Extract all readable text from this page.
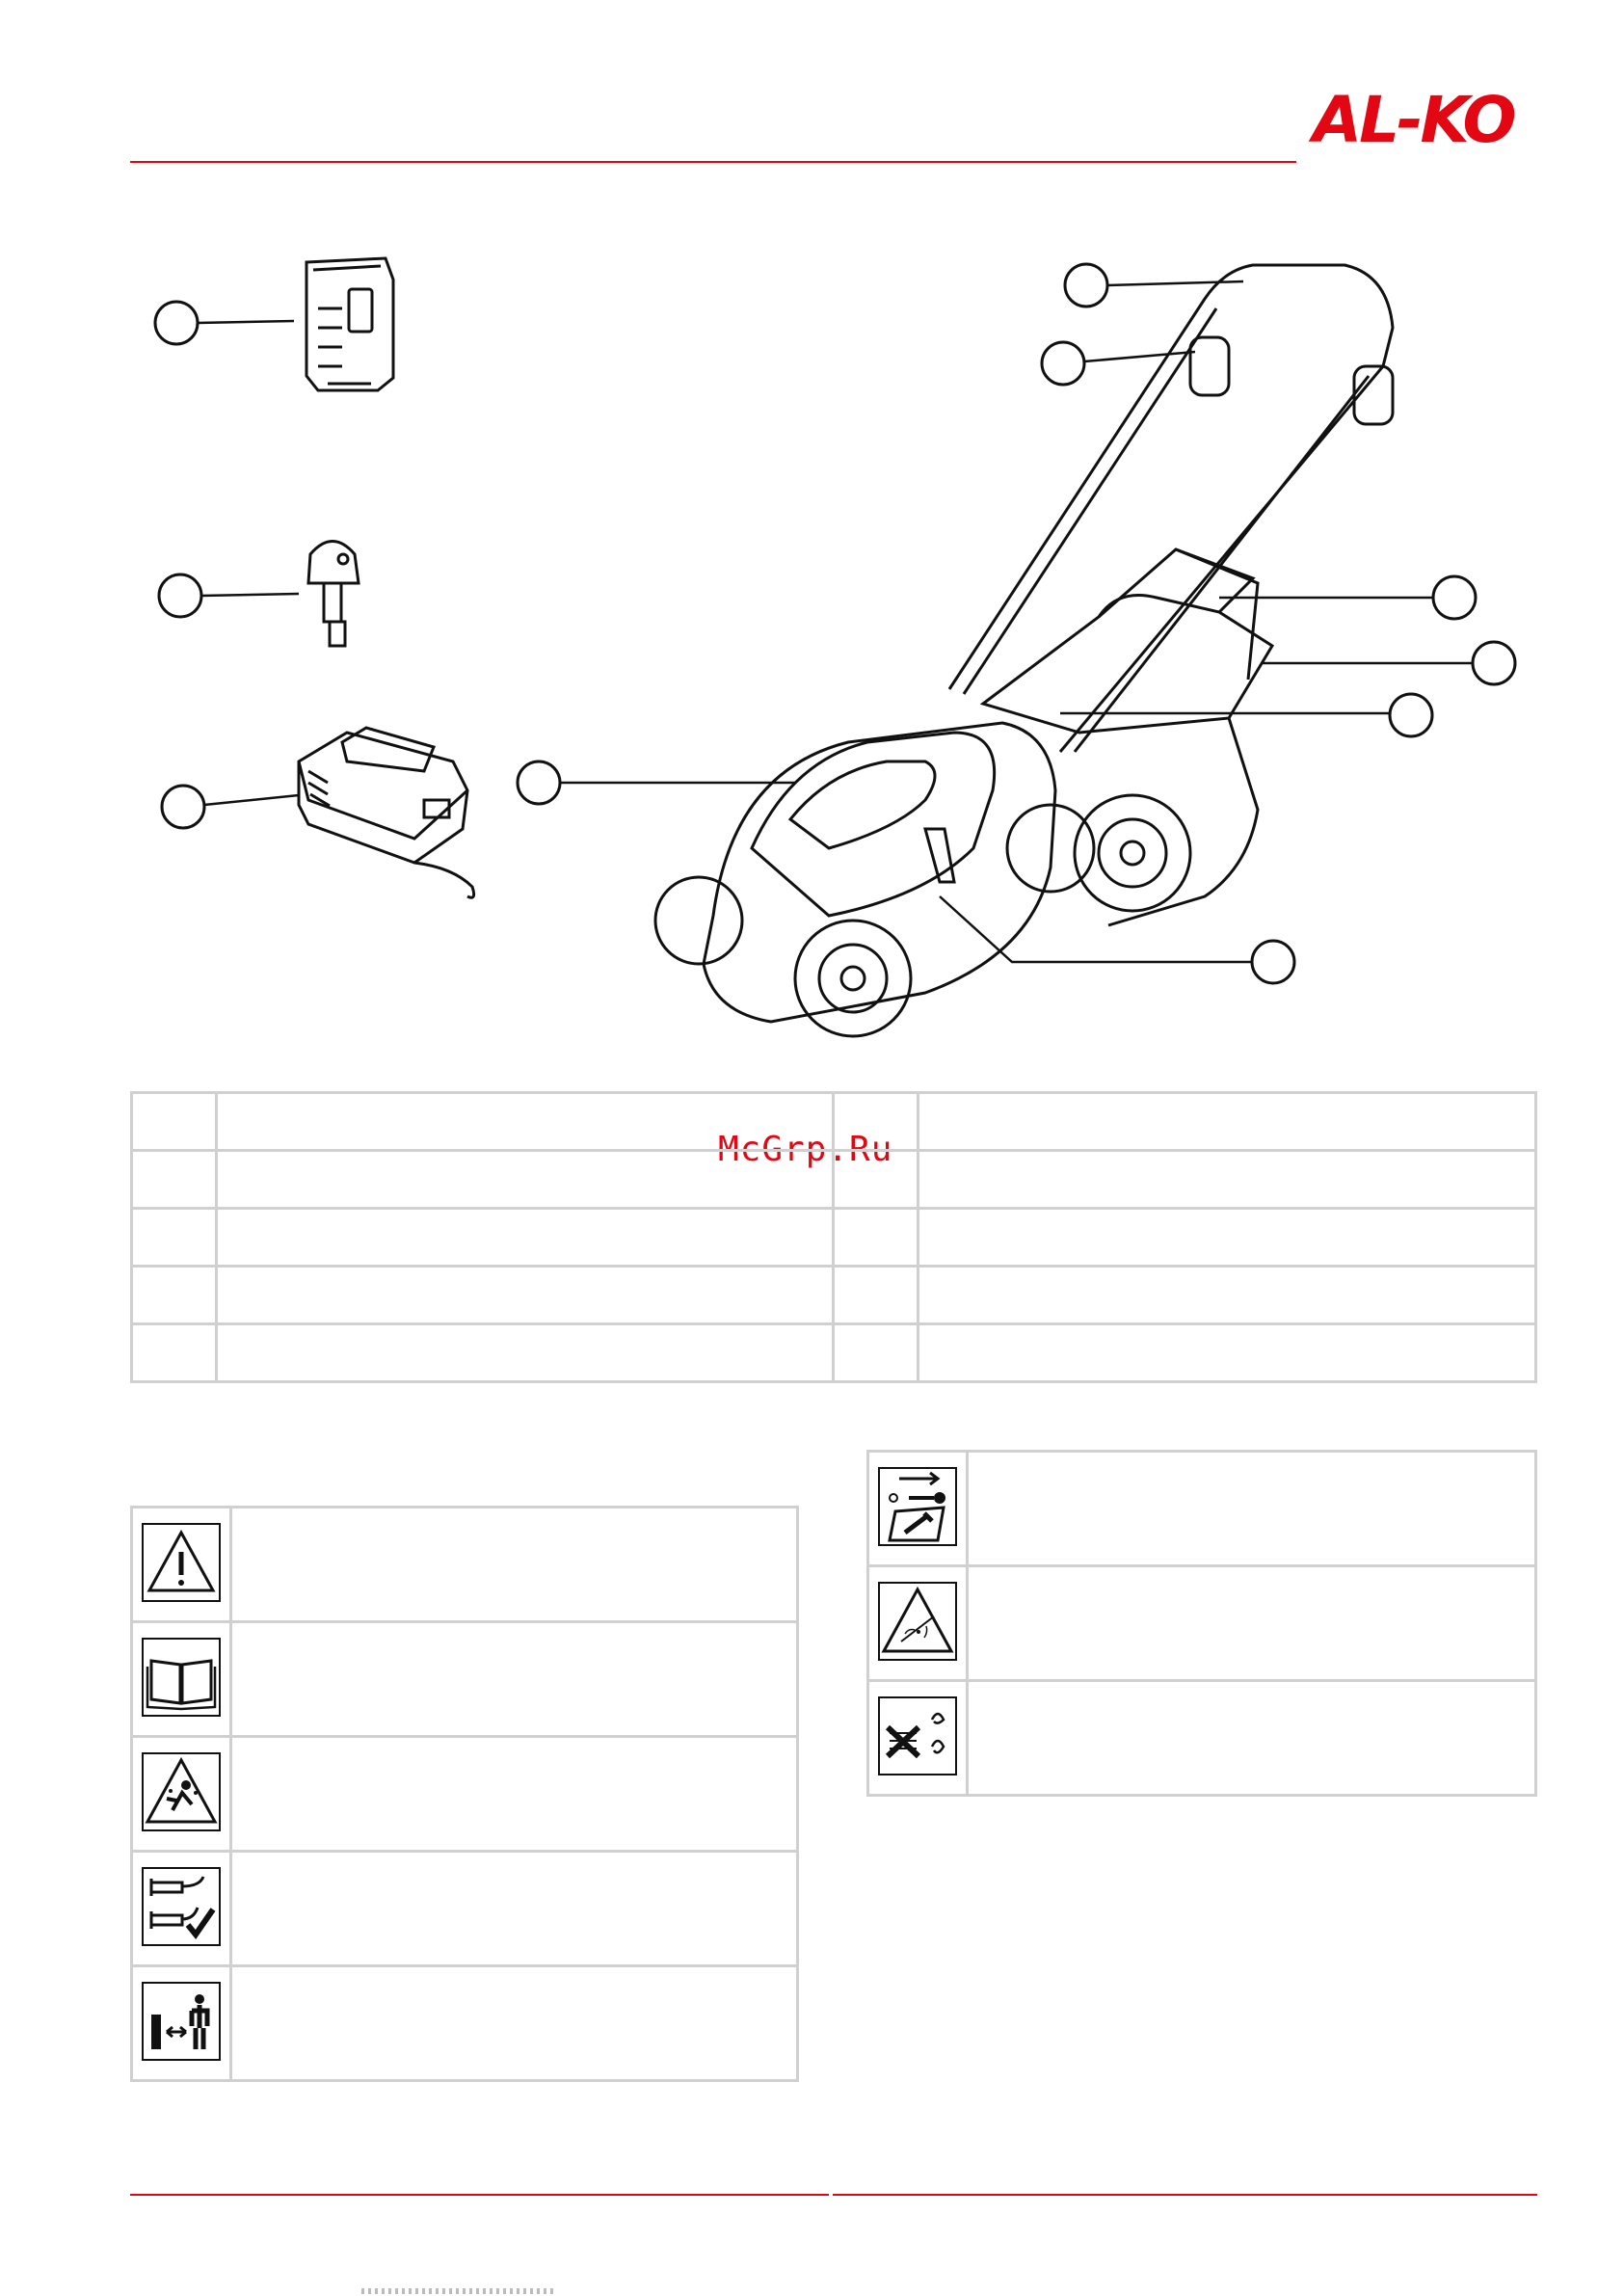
AL-KO
McGrp.Ru
